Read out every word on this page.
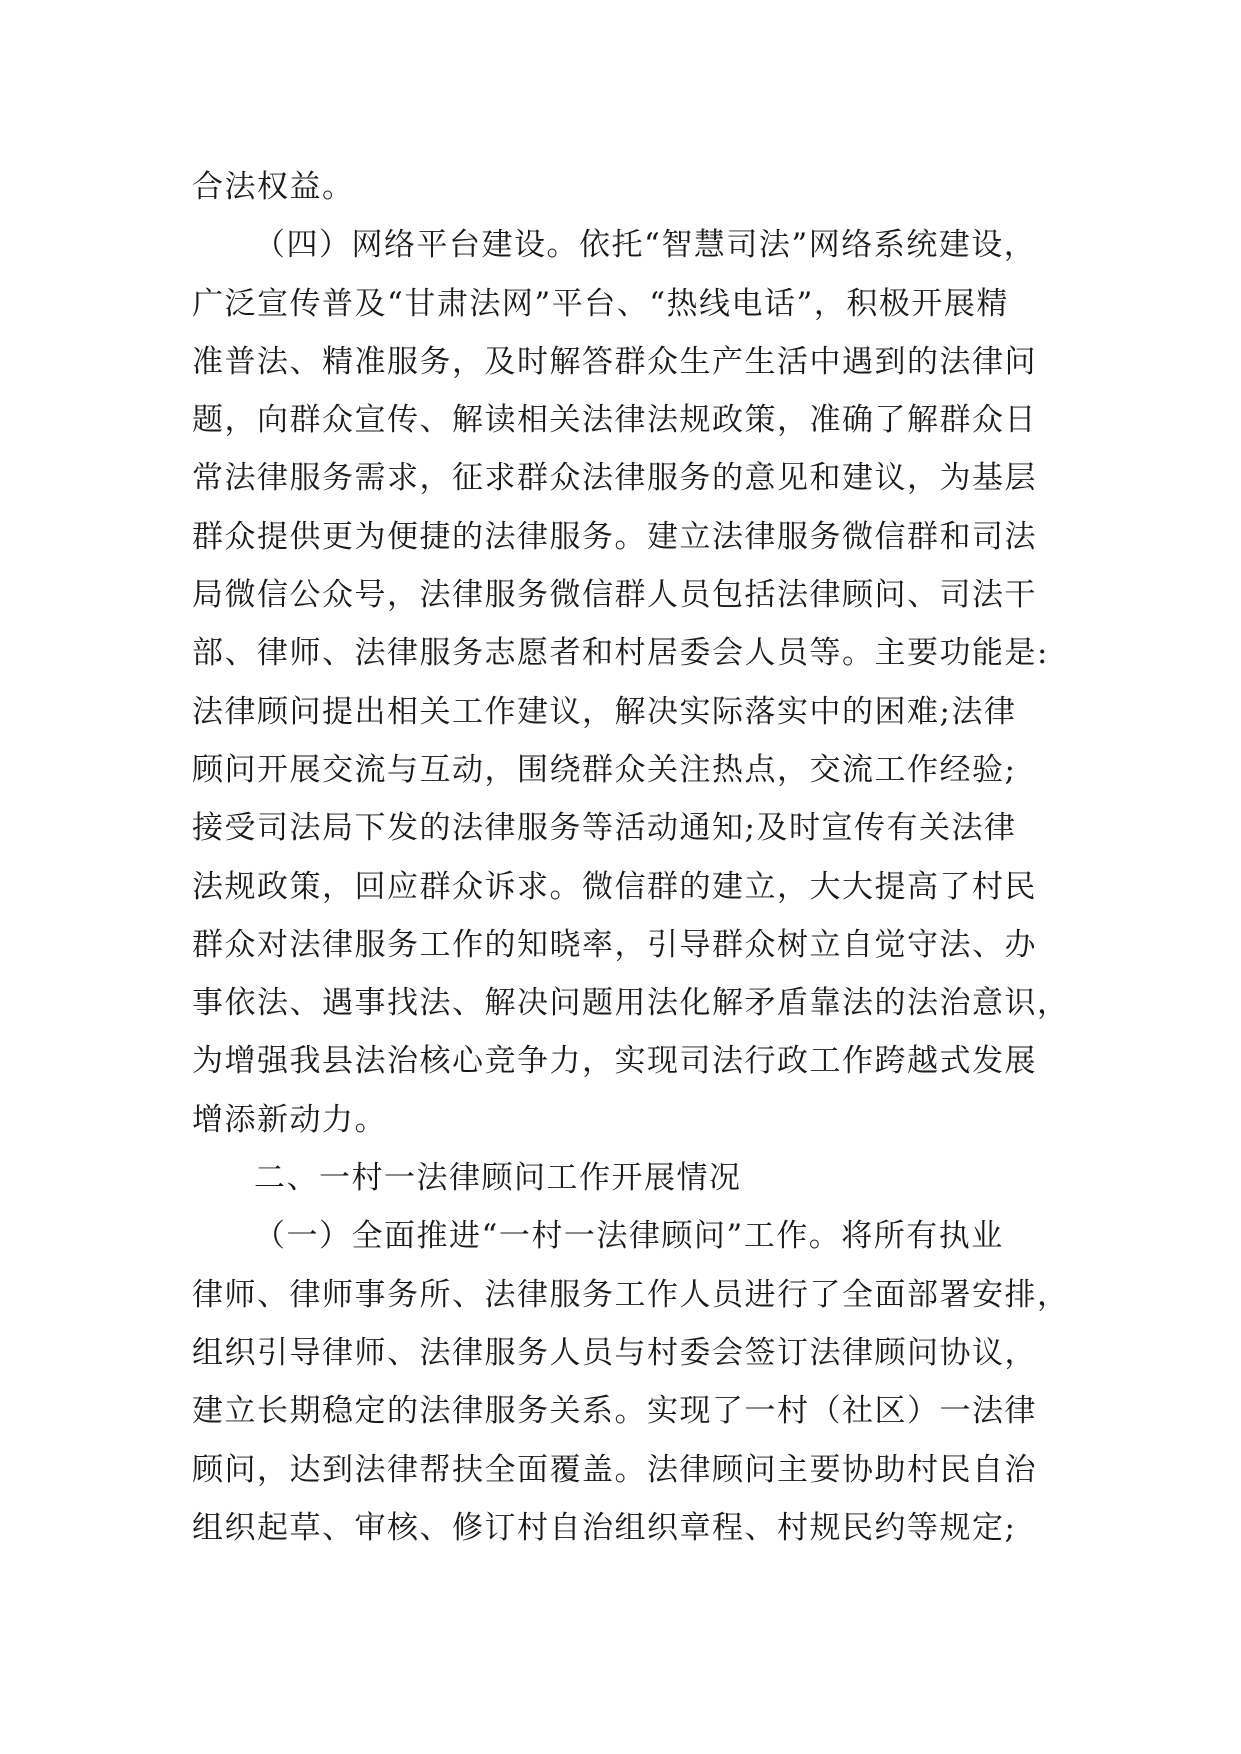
合法权益。
（四）网络平台建设。依托“智慧司法”网络系统建设，
广泛宣传普及“甘肃法网”平台、“热线电话”，积极开展精
准普法、精准服务，及时解答群众生产生活中遇到的法律问
题，向群众宣传、解读相关法律法规政策，准确了解群众日
常法律服务需求，征求群众法律服务的意见和建议，为基层
群众提供更为便捷的法律服务。建立法律服务微信群和司法
局微信公众号，法律服务微信群人员包括法律顾问、司法干
部、律师、法律服务志愿者和村居委会人员等。主要功能是:
法律顾问提出相关工作建议，解决实际落实中的困难;法律
顾问开展交流与互动，围绕群众关注热点，交流工作经验;
接受司法局下发的法律服务等活动通知;及时宣传有关法律
法规政策，回应群众诉求。微信群的建立，大大提高了村民
群众对法律服务工作的知晓率，引导群众树立自觉守法、办
事依法、遇事找法、解决问题用法化解矛盾靠法的法治意识，
为增强我县法治核心竞争力，实现司法行政工作跨越式发展
增添新动力。
二、一村一法律顾问工作开展情况
（一）全面推进“一村一法律顾问”工作。将所有执业
律师、律师事务所、法律服务工作人员进行了全面部署安排，
组织引导律师、法律服务人员与村委会签订法律顾问协议，
建立长期稳定的法律服务关系。实现了一村（社区）一法律
顾问，达到法律帮扶全面覆盖。法律顾问主要协助村民自治
组织起草、审核、修订村自治组织章程、村规民约等规定;
